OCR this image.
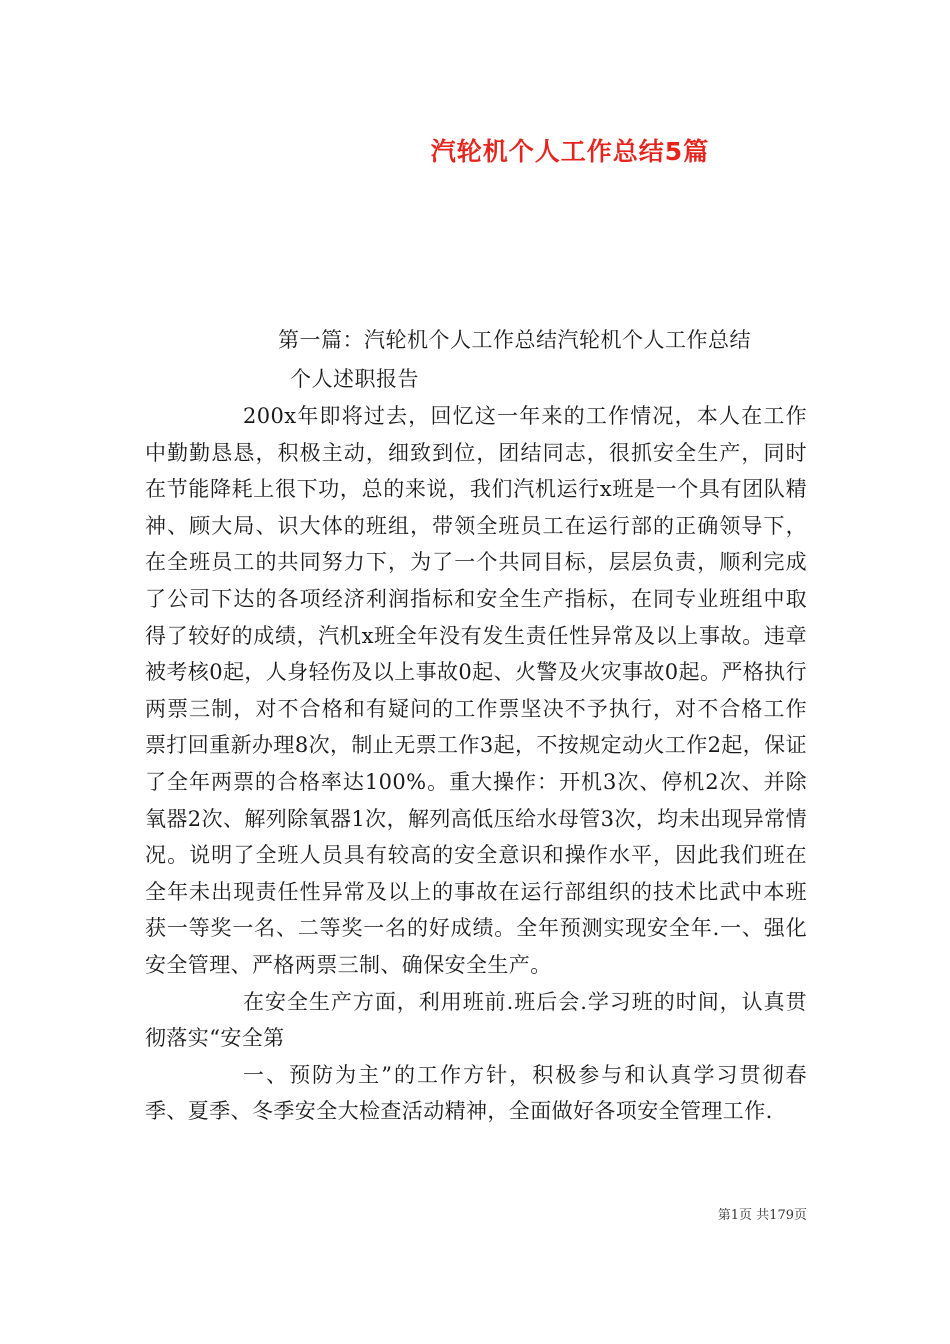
汽轮机个人工作总结5篇
第一篇：汽轮机个人工作总结汽轮机个人工作总结
个人述职报告

200x年即将过去，回忆这一年来的工作情况，本人在工作中勤勤恳恳，积极主动，细致到位，团结同志，很抓安全生产，同时在节能降耗上很下功，总的来说，我们汽机运行x班是一个具有团队精神、顾大局、识大体的班组，带领全班员工在运行部的正确领导下，在全班员工的共同努力下，为了一个共同目标，层层负责，顺利完成了公司下达的各项经济利润指标和安全生产指标，在同专业班组中取得了较好的成绩，汽机x班全年没有发生责任性异常及以上事故。违章被考核0起，人身轻伤及以上事故0起、火警及火灾事故0起。严格执行两票三制，对不合格和有疑问的工作票坚决不予执行，对不合格工作票打回重新办理8次，制止无票工作3起，不按规定动火工作2起，保证了全年两票的合格率达100%。重大操作：开机3次、停机2次、并除氧器2次、解列除氧器1次，解列高低压给水母管3次，均未出现异常情况。说明了全班人员具有较高的安全意识和操作水平，因此我们班在全年未出现责任性异常及以上的事故在运行部组织的技术比武中本班获一等奖一名、二等奖一名的好成绩。全年预测实现安全年.一、强化安全管理、严格两票三制、确保安全生产。

在安全生产方面，利用班前.班后会.学习班的时间，认真贯彻落实“安全第

一、预防为主”的工作方针，积极参与和认真学习贯彻春季、夏季、冬季安全大检查活动精神，全面做好各项安全管理工作.

第1页 共179页
